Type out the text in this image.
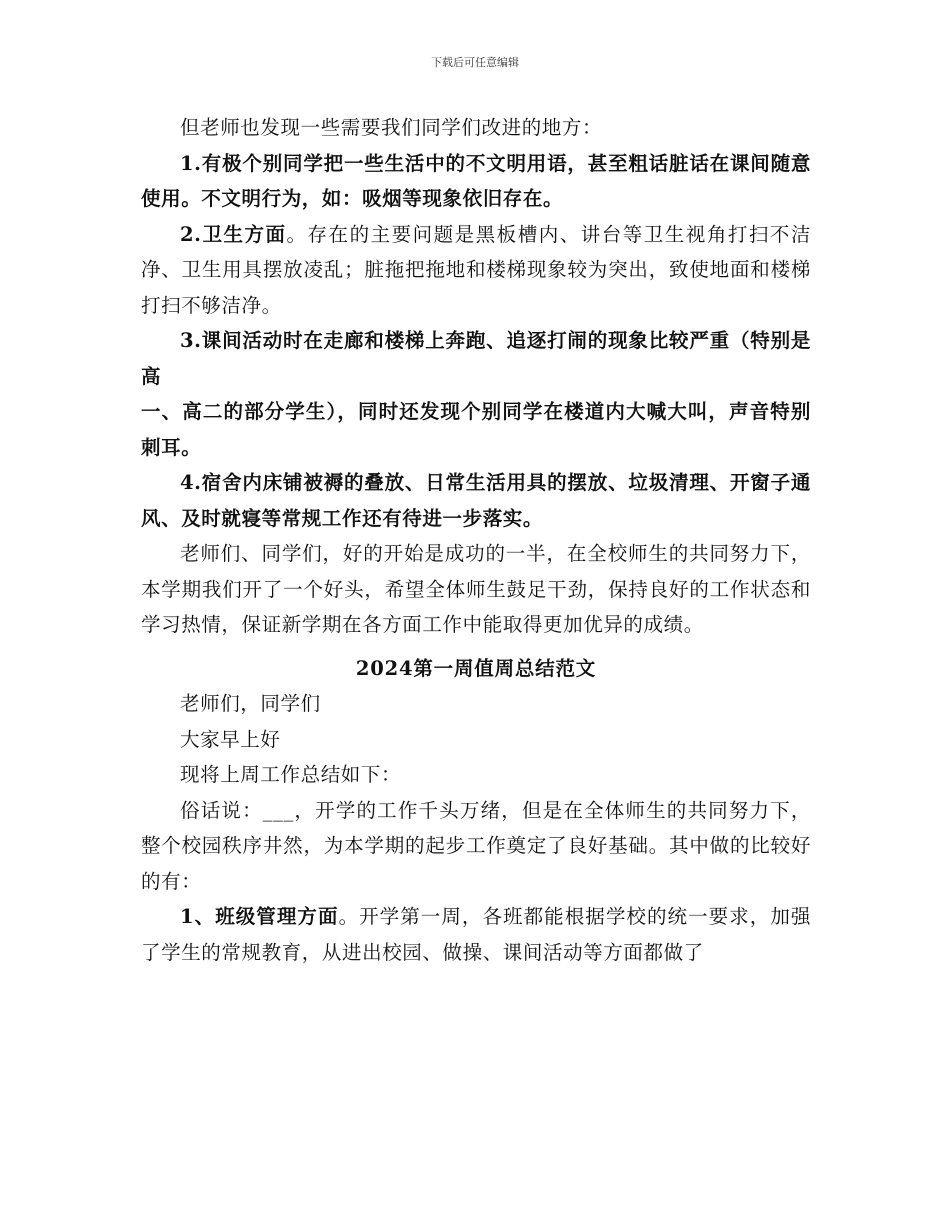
下载后可任意编辑

但老师也发现一些需要我们同学们改进的地方：

1.有极个别同学把一些生活中的不文明用语，甚至粗话脏话在课间随意使用。不文明行为，如：吸烟等现象依旧存在。

2.卫生方面。存在的主要问题是黑板槽内、讲台等卫生视角打扫不洁净、卫生用具摆放凌乱；脏拖把拖地和楼梯现象较为突出，致使地面和楼梯打扫不够洁净。

3.课间活动时在走廊和楼梯上奔跑、追逐打闹的现象比较严重（特别是高

一、高二的部分学生），同时还发现个别同学在楼道内大喊大叫，声音特别刺耳。

4.宿舍内床铺被褥的叠放、日常生活用具的摆放、垃圾清理、开窗子通风、及时就寝等常规工作还有待进一步落实。

老师们、同学们，好的开始是成功的一半，在全校师生的共同努力下，本学期我们开了一个好头，希望全体师生鼓足干劲，保持良好的工作状态和学习热情，保证新学期在各方面工作中能取得更加优异的成绩。

2024第一周值周总结范文

老师们，同学们

大家早上好

现将上周工作总结如下：

俗话说：___，开学的工作千头万绪，但是在全体师生的共同努力下，整个校园秩序井然，为本学期的起步工作奠定了良好基础。其中做的比较好的有：

1、班级管理方面。开学第一周，各班都能根据学校的统一要求，加强了学生的常规教育，从进出校园、做操、课间活动等方面都做了
